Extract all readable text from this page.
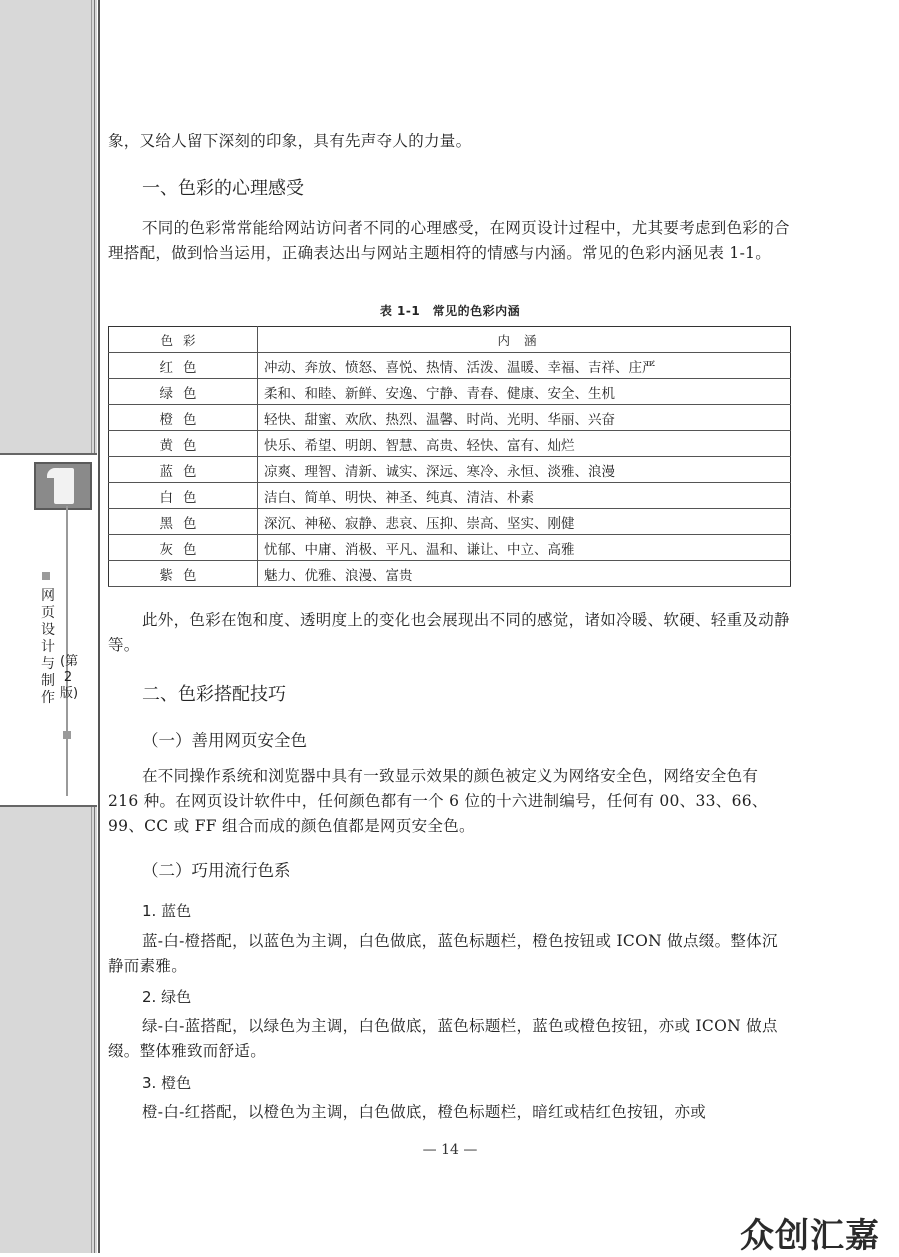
网页设计与制作
(第2版)

象，又给人留下深刻的印象，具有先声夺人的力量。

一、色彩的心理感受

不同的色彩常常能给网站访问者不同的心理感受，在网页设计过程中，尤其要考虑到色彩的合理搭配，做到恰当运用，正确表达出与网站主题相符的情感与内涵。常见的色彩内涵见表 1-1。

表 1-1　常见的色彩内涵
色彩	内涵
红色	冲动、奔放、愤怒、喜悦、热情、活泼、温暖、幸福、吉祥、庄严
绿色	柔和、和睦、新鲜、安逸、宁静、青春、健康、安全、生机
橙色	轻快、甜蜜、欢欣、热烈、温馨、时尚、光明、华丽、兴奋
黄色	快乐、希望、明朗、智慧、高贵、轻快、富有、灿烂
蓝色	凉爽、理智、清新、诚实、深远、寒冷、永恒、淡雅、浪漫
白色	洁白、简单、明快、神圣、纯真、清洁、朴素
黑色	深沉、神秘、寂静、悲哀、压抑、崇高、坚实、刚健
灰色	忧郁、中庸、消极、平凡、温和、谦让、中立、高雅
紫色	魅力、优雅、浪漫、富贵

此外，色彩在饱和度、透明度上的变化也会展现出不同的感觉，诸如冷暖、软硬、轻重及动静等。

二、色彩搭配技巧
（一）善用网页安全色

在不同操作系统和浏览器中具有一致显示效果的颜色被定义为网络安全色，网络安全色有 216 种。在网页设计软件中，任何颜色都有一个 6 位的十六进制编号，任何有 00、33、66、99、CC 或 FF 组合而成的颜色值都是网页安全色。

（二）巧用流行色系
1. 蓝色

蓝-白-橙搭配，以蓝色为主调，白色做底，蓝色标题栏，橙色按钮或 ICON 做点缀。整体沉静而素雅。

2. 绿色

绿-白-蓝搭配，以绿色为主调，白色做底，蓝色标题栏，蓝色或橙色按钮，亦或 ICON 做点缀。整体雅致而舒适。

3. 橙色

橙-白-红搭配，以橙色为主调，白色做底，橙色标题栏，暗红或桔红色按钮，亦或

— 14 —
众创汇嘉
